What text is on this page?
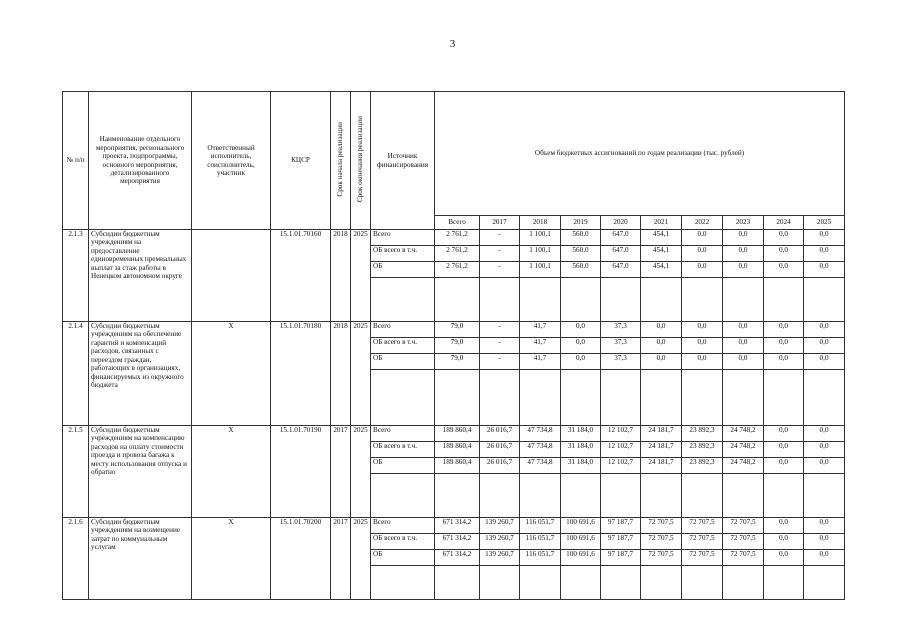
3
№ п/п	Наименование отдельного мероприятия, регионального проекта, подпрограммы, основного мероприятия, детализированного мероприятия	Ответственный исполнитель, соисполнитель, участник	КЦСР	Срок начала реализации	Срок окончания реализации	Источник финансирования	Объем бюджетных ассигнований по годам реализации (тыс. рублей)									
							Всего	2017	2018	2019	2020	2021	2022	2023	2024	2025
2.1.3	Субсидии бюджетным учреждениям на предоставление единовременных премиальных выплат за стаж работы в Ненецком автономном округе		15.1.01.70160	2018	2025	Всего	2 761,2	-	1 100,1	560,0	647,0	454,1	0,0	0,0	0,0	0,0
						ОБ всего в т.ч.	2 761,2	-	1 100,1	560,0	647,0	454,1	0,0	0,0	0,0	0,0
						ОБ	2 761,2	-	1 100,1	560,0	647,0	454,1	0,0	0,0	0,0	0,0

2.1.4	Субсидии бюджетным учреждениям на обеспечение гарантий и компенсаций расходов, связанных с переездом граждан, работающих в организациях, финансируемых из окружного бюджета	Х	15.1.01.70180	2018	2025	Всего	79,0	-	41,7	0,0	37,3	0,0	0,0	0,0	0,0	0,0
						ОБ всего в т.ч.	79,0	-	41,7	0,0	37,3	0,0	0,0	0,0	0,0	0,0
						ОБ	79,0	-	41,7	0,0	37,3	0,0	0,0	0,0	0,0	0,0

2.1.5	Субсидии бюджетным учреждениям на компенсацию расходов на оплату стоимости проезда и провоза багажа к месту использования отпуска и обратно	Х	15.1.01.70190	2017	2025	Всего	189 860,4	26 016,7	47 734,8	31 184,0	12 102,7	24 181,7	23 892,3	24 748,2	0,0	0,0
						ОБ всего в т.ч.	189 860,4	26 016,7	47 734,8	31 184,0	12 102,7	24 181,7	23 892,3	24 748,2	0,0	0,0
						ОБ	189 860,4	26 016,7	47 734,8	31 184,0	12 102,7	24 181,7	23 892,3	24 748,2	0,0	0,0

2.1.6	Субсидии бюджетным учреждениям на возмещение затрат по коммунальным услугам	Х	15.1.01.70200	2017	2025	Всего	671 314,2	139 260,7	116 051,7	100 691,6	97 187,7	72 707,5	72 707,5	72 707,5	0,0	0,0
						ОБ всего в т.ч.	671 314,2	139 260,7	116 051,7	100 691,6	97 187,7	72 707,5	72 707,5	72 707,5	0,0	0,0
						ОБ	671 314,2	139 260,7	116 051,7	100 691,6	97 187,7	72 707,5	72 707,5	72 707,5	0,0	0,0
